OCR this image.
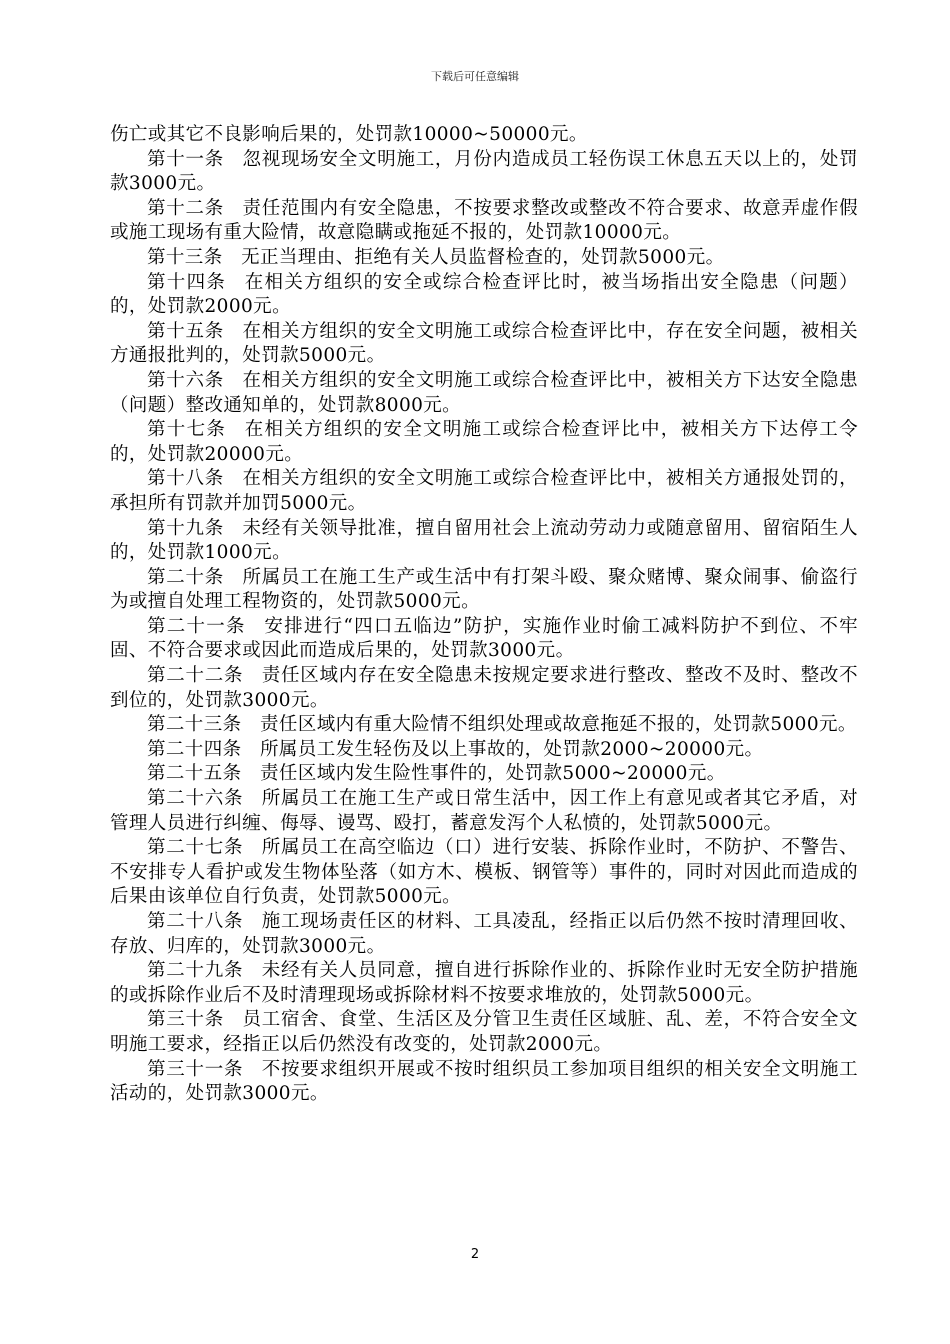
下载后可任意编辑

伤亡或其它不良影响后果的，处罚款10000~50000元。

第十一条 忽视现场安全文明施工，月份内造成员工轻伤误工休息五天以上的，处罚款3000元。

第十二条 责任范围内有安全隐患，不按要求整改或整改不符合要求、故意弄虚作假或施工现场有重大险情，故意隐瞒或拖延不报的，处罚款10000元。

第十三条 无正当理由、拒绝有关人员监督检查的，处罚款5000元。

第十四条 在相关方组织的安全或综合检查评比时，被当场指出安全隐患（问题）的，处罚款2000元。

第十五条 在相关方组织的安全文明施工或综合检查评比中，存在安全问题，被相关方通报批判的，处罚款5000元。

第十六条 在相关方组织的安全文明施工或综合检查评比中，被相关方下达安全隐患（问题）整改通知单的，处罚款8000元。

第十七条 在相关方组织的安全文明施工或综合检查评比中，被相关方下达停工令的，处罚款20000元。

第十八条 在相关方组织的安全文明施工或综合检查评比中，被相关方通报处罚的，承担所有罚款并加罚5000元。

第十九条 未经有关领导批准，擅自留用社会上流动劳动力或随意留用、留宿陌生人的，处罚款1000元。

第二十条 所属员工在施工生产或生活中有打架斗殴、聚众赌博、聚众闹事、偷盗行为或擅自处理工程物资的，处罚款5000元。

第二十一条 安排进行“四口五临边”防护，实施作业时偷工减料防护不到位、不牢固、不符合要求或因此而造成后果的，处罚款3000元。

第二十二条 责任区域内存在安全隐患未按规定要求进行整改、整改不及时、整改不到位的，处罚款3000元。

第二十三条 责任区域内有重大险情不组织处理或故意拖延不报的，处罚款5000元。

第二十四条 所属员工发生轻伤及以上事故的，处罚款2000~20000元。

第二十五条 责任区域内发生险性事件的，处罚款5000~20000元。

第二十六条 所属员工在施工生产或日常生活中，因工作上有意见或者其它矛盾，对管理人员进行纠缠、侮辱、谩骂、殴打，蓄意发泻个人私愤的，处罚款5000元。

第二十七条 所属员工在高空临边（口）进行安装、拆除作业时，不防护、不警告、不安排专人看护或发生物体坠落（如方木、模板、钢管等）事件的，同时对因此而造成的后果由该单位自行负责，处罚款5000元。

第二十八条 施工现场责任区的材料、工具凌乱，经指正以后仍然不按时清理回收、存放、归库的，处罚款3000元。

第二十九条 未经有关人员同意，擅自进行拆除作业的、拆除作业时无安全防护措施的或拆除作业后不及时清理现场或拆除材料不按要求堆放的，处罚款5000元。

第三十条 员工宿舍、食堂、生活区及分管卫生责任区域脏、乱、差，不符合安全文明施工要求，经指正以后仍然没有改变的，处罚款2000元。

第三十一条 不按要求组织开展或不按时组织员工参加项目组织的相关安全文明施工活动的，处罚款3000元。

2
